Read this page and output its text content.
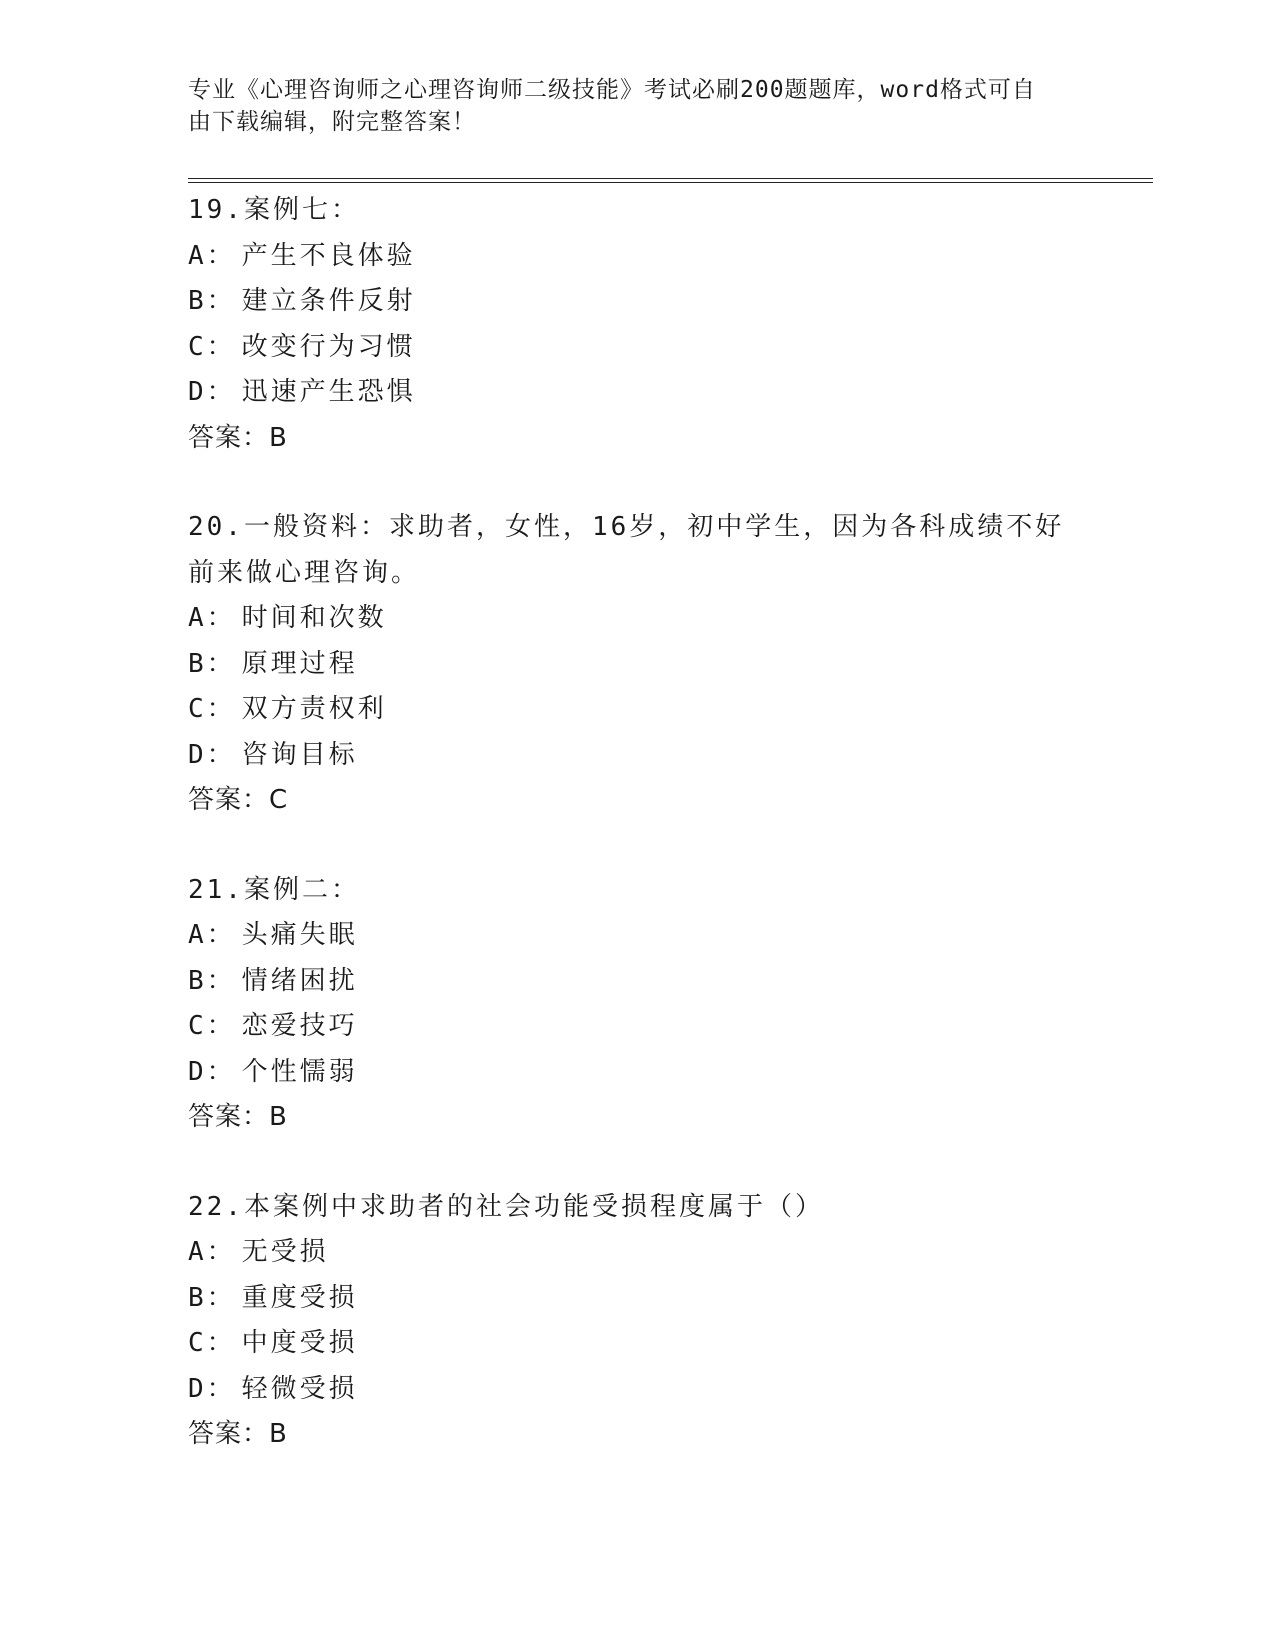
专业《心理咨询师之心理咨询师二级技能》考试必刷200题题库，word格式可自
由下载编辑，附完整答案！
19.案例七：
A： 产生不良体验
B： 建立条件反射
C： 改变行为习惯
D： 迅速产生恐惧
答案：B
20.一般资料：求助者，女性，16岁，初中学生，因为各科成绩不好前来做心理咨询。
A： 时间和次数
B： 原理过程
C： 双方责权利
D： 咨询目标
答案：C
21.案例二：
A： 头痛失眠
B： 情绪困扰
C： 恋爱技巧
D： 个性懦弱
答案：B
22.本案例中求助者的社会功能受损程度属于（）
A： 无受损
B： 重度受损
C： 中度受损
D： 轻微受损
答案：B
